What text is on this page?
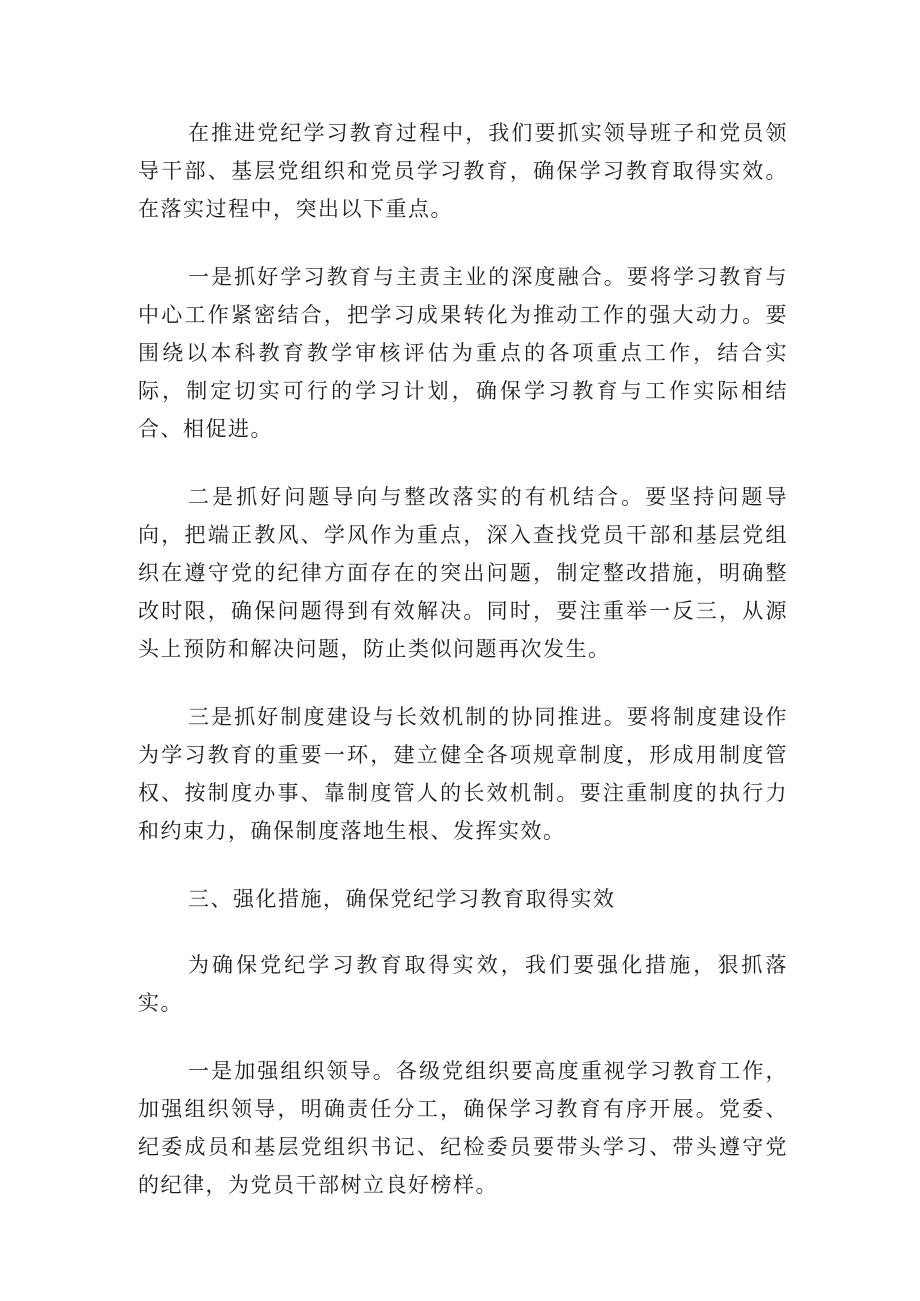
在推进党纪学习教育过程中，我们要抓实领导班子和党员领导干部、基层党组织和党员学习教育，确保学习教育取得实效。在落实过程中，突出以下重点。

一是抓好学习教育与主责主业的深度融合。要将学习教育与中心工作紧密结合，把学习成果转化为推动工作的强大动力。要围绕以本科教育教学审核评估为重点的各项重点工作，结合实际，制定切实可行的学习计划，确保学习教育与工作实际相结合、相促进。

二是抓好问题导向与整改落实的有机结合。要坚持问题导向，把端正教风、学风作为重点，深入查找党员干部和基层党组织在遵守党的纪律方面存在的突出问题，制定整改措施，明确整改时限，确保问题得到有效解决。同时，要注重举一反三，从源头上预防和解决问题，防止类似问题再次发生。

三是抓好制度建设与长效机制的协同推进。要将制度建设作为学习教育的重要一环，建立健全各项规章制度，形成用制度管权、按制度办事、靠制度管人的长效机制。要注重制度的执行力和约束力，确保制度落地生根、发挥实效。

三、强化措施，确保党纪学习教育取得实效

为确保党纪学习教育取得实效，我们要强化措施，狠抓落实。

一是加强组织领导。各级党组织要高度重视学习教育工作，加强组织领导，明确责任分工，确保学习教育有序开展。党委、纪委成员和基层党组织书记、纪检委员要带头学习、带头遵守党的纪律，为党员干部树立良好榜样。
